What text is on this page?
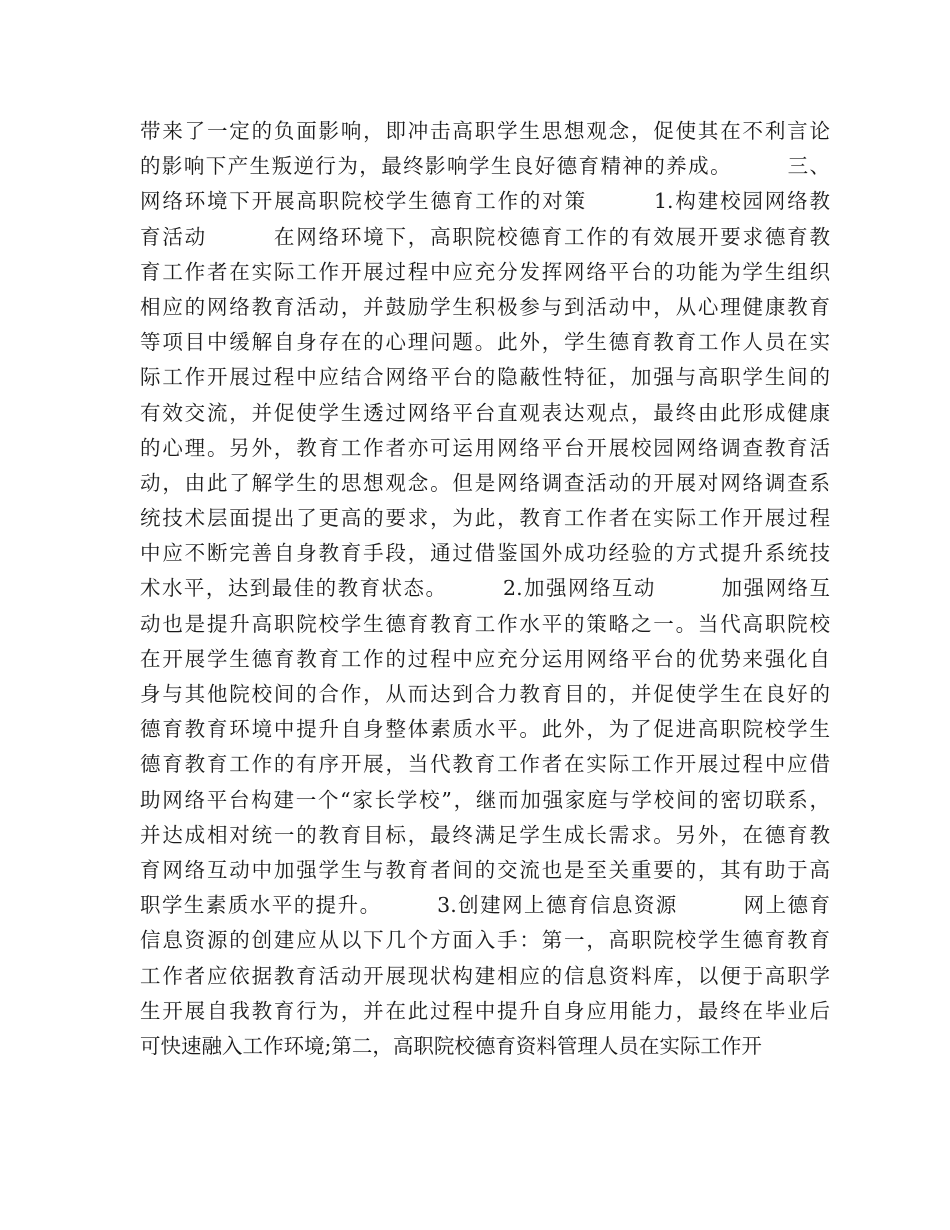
带来了一定的负面影响，即冲击高职学生思想观念，促使其在不利言论
的影响下产生叛逆行为，最终影响学生良好德育精神的养成。　　　三、
网络环境下开展高职院校学生德育工作的对策　　　1.构建校园网络教
育活动　　　在网络环境下，高职院校德育工作的有效展开要求德育教
育工作者在实际工作开展过程中应充分发挥网络平台的功能为学生组织
相应的网络教育活动，并鼓励学生积极参与到活动中，从心理健康教育
等项目中缓解自身存在的心理问题。此外，学生德育教育工作人员在实
际工作开展过程中应结合网络平台的隐蔽性特征，加强与高职学生间的
有效交流，并促使学生透过网络平台直观表达观点，最终由此形成健康
的心理。另外，教育工作者亦可运用网络平台开展校园网络调查教育活
动，由此了解学生的思想观念。但是网络调查活动的开展对网络调查系
统技术层面提出了更高的要求，为此，教育工作者在实际工作开展过程
中应不断完善自身教育手段，通过借鉴国外成功经验的方式提升系统技
术水平，达到最佳的教育状态。　　　2.加强网络互动　　　加强网络互
动也是提升高职院校学生德育教育工作水平的策略之一。当代高职院校
在开展学生德育教育工作的过程中应充分运用网络平台的优势来强化自
身与其他院校间的合作，从而达到合力教育目的，并促使学生在良好的
德育教育环境中提升自身整体素质水平。此外，为了促进高职院校学生
德育教育工作的有序开展，当代教育工作者在实际工作开展过程中应借
助网络平台构建一个“家长学校”，继而加强家庭与学校间的密切联系，
并达成相对统一的教育目标，最终满足学生成长需求。另外，在德育教
育网络互动中加强学生与教育者间的交流也是至关重要的，其有助于高
职学生素质水平的提升。　　　3.创建网上德育信息资源　　　网上德育
信息资源的创建应从以下几个方面入手：第一，高职院校学生德育教育
工作者应依据教育活动开展现状构建相应的信息资料库，以便于高职学
生开展自我教育行为，并在此过程中提升自身应用能力，最终在毕业后
可快速融入工作环境;第二，高职院校德育资料管理人员在实际工作开
